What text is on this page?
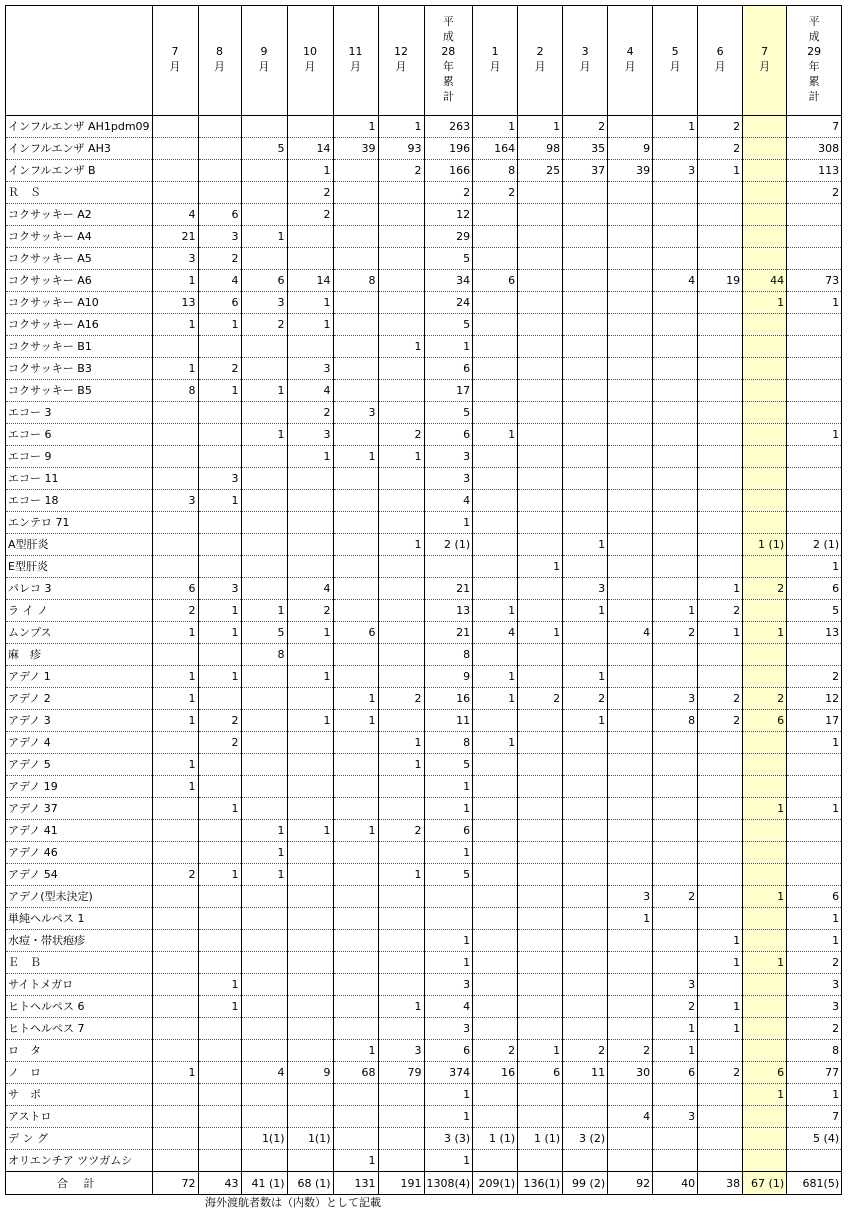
	7月	8月	9月	10月	11月	12月	平成28年累計	1月	2月	3月	4月	5月	6月	7月	平成29年累計
インフルエンザ AH1pdm09					1	1	263	1	1	2		1	2		7
インフルエンザ AH3			5	14	39	93	196	164	98	35	9		2		308
インフルエンザ B				1		2	166	8	25	37	39	3	1		113
Ｒ　Ｓ				2			2	2							2
コクサッキー A2	4	6		2			12								
コクサッキー A4	21	3	1				29								
コクサッキー A5	3	2					5								
コクサッキー A6	1	4	6	14	8		34	6				4	19	44	73
コクサッキー A10	13	6	3	1			24							1	1
コクサッキー A16	1	1	2	1			5								
コクサッキー B1						1	1								
コクサッキー B3	1	2		3			6								
コクサッキー B5	8	1	1	4			17								
エコー 3				2	3		5								
エコー 6			1	3		2	6	1							1
エコー 9				1	1	1	3								
エコー 11		3					3								
エコー 18	3	1					4								
エンテロ 71							1								
A型肝炎						1	2 (1)			1				1 (1)	2 (1)
E型肝炎									1						1
パレコ 3	6	3		4			21			3			1	2	6
ラ イ ノ	2	1	1	2			13	1		1		1	2		5
ムンプス	1	1	5	1	6		21	4	1		4	2	1	1	13
麻　疹			8				8								
アデノ 1	1	1		1			9	1		1					2
アデノ 2	1				1	2	16	1	2	2		3	2	2	12
アデノ 3	1	2		1	1		11			1		8	2	6	17
アデノ 4		2				1	8	1							1
アデノ 5	1					1	5								
アデノ 19	1						1								
アデノ 37		1					1							1	1
アデノ 41			1	1	1	2	6								
アデノ 46			1				1								
アデノ 54	2	1	1			1	5								
アデノ(型未決定)											3	2		1	6
単純ヘルペス 1											1				1
水痘・帯状疱疹							1						1		1
Ｅ　Ｂ							1						1	1	2
サイトメガロ		1					3					3			3
ヒトヘルペス 6		1				1	4					2	1		3
ヒトヘルペス 7							3					1	1		2
ロ　タ					1	3	6	2	1	2	2	1			8
ノ　ロ	1		4	9	68	79	374	16	6	11	30	6	2	6	77
サ　ポ							1							1	1
アストロ							1				4	3			7
デ ン グ			1(1)	1(1)			3 (3)	1 (1)	1 (1)	3 (2)					5 (4)
オリエンチア ツツガムシ					1		1								
合 計	72	43	41 (1)	68 (1)	131	191	1308(4)	209(1)	136(1)	99 (2)	92	40	38	67 (1)	681(5)
海外渡航者数は（内数）として記載
